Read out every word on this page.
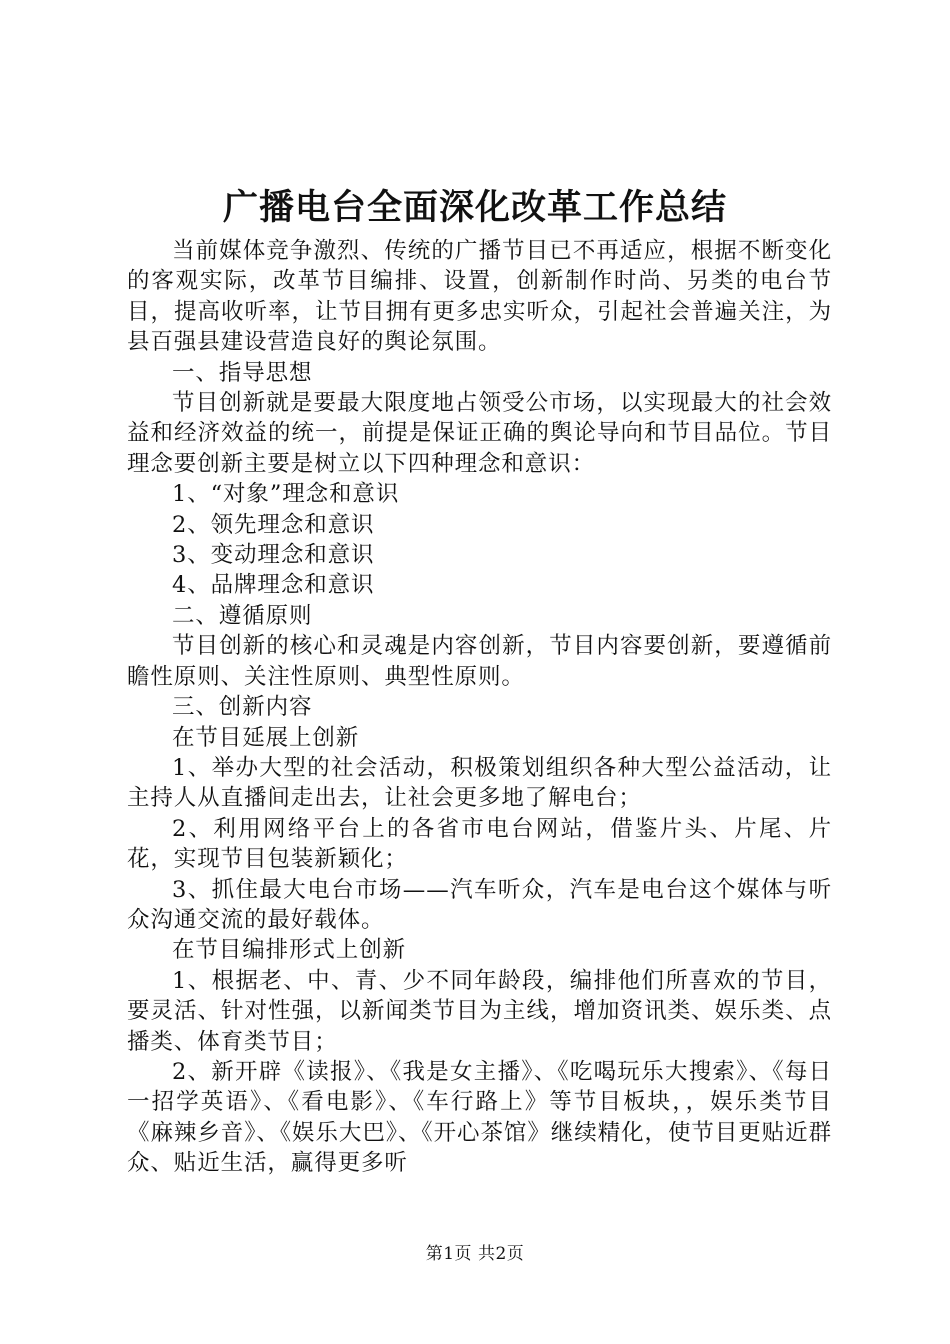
广播电台全面深化改革工作总结

当前媒体竞争激烈、传统的广播节目已不再适应，根据不断变化的客观实际，改革节目编排、设置，创新制作时尚、另类的电台节目，提高收听率，让节目拥有更多忠实听众，引起社会普遍关注，为县百强县建设营造良好的舆论氛围。

一、指导思想

节目创新就是要最大限度地占领受公市场，以实现最大的社会效益和经济效益的统一，前提是保证正确的舆论导向和节目品位。节目理念要创新主要是树立以下四种理念和意识：

1、“对象”理念和意识

2、领先理念和意识

3、变动理念和意识

4、品牌理念和意识

二、遵循原则

节目创新的核心和灵魂是内容创新，节目内容要创新，要遵循前瞻性原则、关注性原则、典型性原则。

三、创新内容

在节目延展上创新

1、举办大型的社会活动，积极策划组织各种大型公益活动，让主持人从直播间走出去，让社会更多地了解电台；

2、利用网络平台上的各省市电台网站，借鉴片头、片尾、片花，实现节目包装新颖化；

3、抓住最大电台市场——汽车听众，汽车是电台这个媒体与听众沟通交流的最好载体。

在节目编排形式上创新

1、根据老、中、青、少不同年龄段，编排他们所喜欢的节目，要灵活、针对性强，以新闻类节目为主线，增加资讯类、娱乐类、点播类、体育类节目；

2、新开辟《读报》、《我是女主播》、《吃喝玩乐大搜索》、《每日一招学英语》、《看电影》、《车行路上》等节目板块，，娱乐类节目《麻辣乡音》、《娱乐大巴》、《开心茶馆》继续精化，使节目更贴近群众、贴近生活，赢得更多听

第1页 共2页
